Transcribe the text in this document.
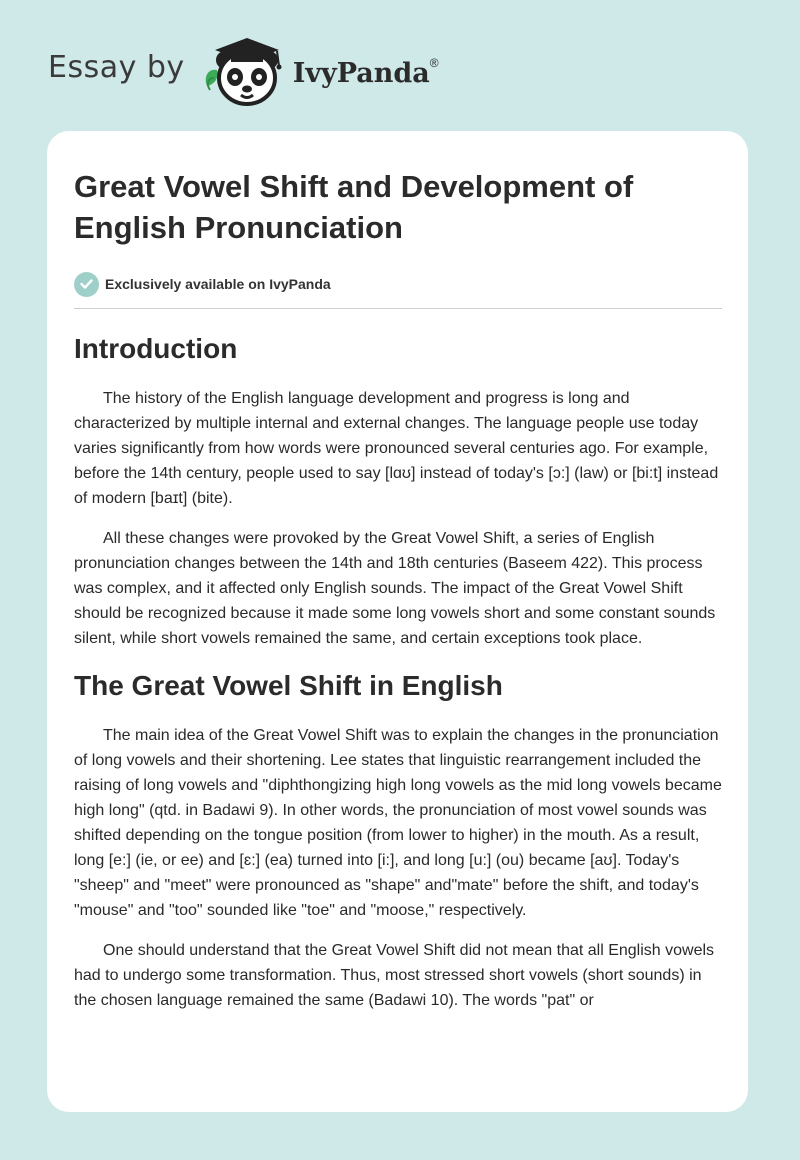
Essay by	IvyPanda®
Great Vowel Shift and Development of English Pronunciation
Exclusively available on IvyPanda
Introduction

The history of the English language development and progress is long and characterized by multiple internal and external changes. The language people use today varies significantly from how words were pronounced several centuries ago. For example, before the 14th century, people used to say [lɑʊ] instead of today's [ɔ:] (law) or [bi:t] instead of modern [baɪt] (bite).

All these changes were provoked by the Great Vowel Shift, a series of English pronunciation changes between the 14th and 18th centuries (Baseem 422). This process was complex, and it affected only English sounds. The impact of the Great Vowel Shift should be recognized because it made some long vowels short and some constant sounds silent, while short vowels remained the same, and certain exceptions took place.

The Great Vowel Shift in English

The main idea of the Great Vowel Shift was to explain the changes in the pronunciation of long vowels and their shortening. Lee states that linguistic rearrangement included the raising of long vowels and "diphthongizing high long vowels as the mid long vowels became high long" (qtd. in Badawi 9). In other words, the pronunciation of most vowel sounds was shifted depending on the tongue position (from lower to higher) in the mouth. As a result, long [e:] (ie, or ee) and [ɛ:] (ea) turned into [i:], and long [u:] (ou) became [aʊ]. Today's "sheep" and "meet" were pronounced as "shape" and"mate" before the shift, and today's "mouse" and "too" sounded like "toe" and "moose," respectively.

One should understand that the Great Vowel Shift did not mean that all English vowels had to undergo some transformation. Thus, most stressed short vowels (short sounds) in the chosen language remained the same (Badawi 10). The words "pat" or
